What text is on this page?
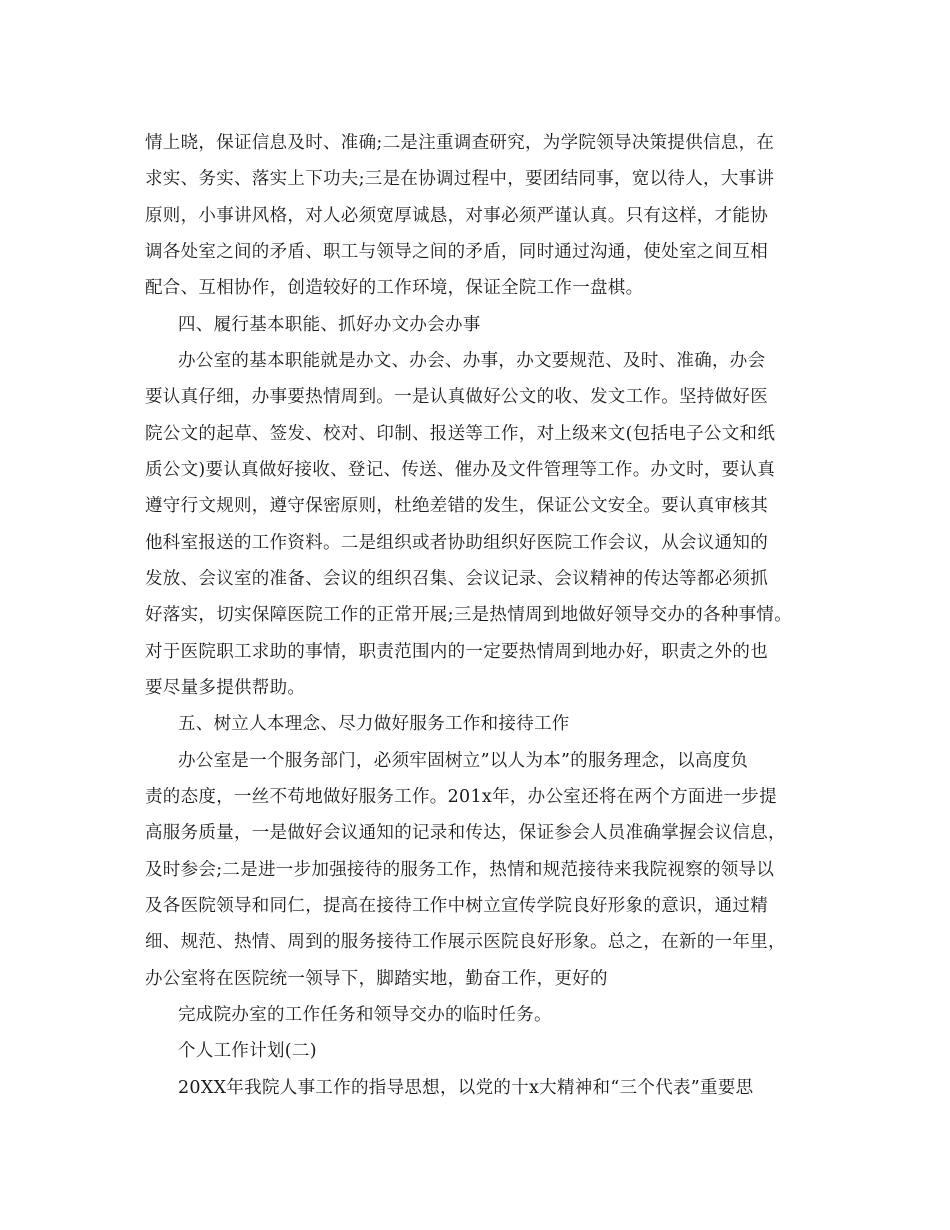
情上晓，保证信息及时、准确;二是注重调查研究，为学院领导决策提供信息，在
求实、务实、落实上下功夫;三是在协调过程中，要团结同事，宽以待人，大事讲
原则，小事讲风格，对人必须宽厚诚恳，对事必须严谨认真。只有这样，才能协
调各处室之间的矛盾、职工与领导之间的矛盾，同时通过沟通，使处室之间互相
配合、互相协作，创造较好的工作环境，保证全院工作一盘棋。
四、履行基本职能、抓好办文办会办事
办公室的基本职能就是办文、办会、办事，办文要规范、及时、准确，办会
要认真仔细，办事要热情周到。一是认真做好公文的收、发文工作。坚持做好医
院公文的起草、签发、校对、印制、报送等工作，对上级来文(包括电子公文和纸
质公文)要认真做好接收、登记、传送、催办及文件管理等工作。办文时，要认真
遵守行文规则，遵守保密原则，杜绝差错的发生，保证公文安全。要认真审核其
他科室报送的工作资料。二是组织或者协助组织好医院工作会议，从会议通知的
发放、会议室的准备、会议的组织召集、会议记录、会议精神的传达等都必须抓
好落实，切实保障医院工作的正常开展;三是热情周到地做好领导交办的各种事情。
对于医院职工求助的事情，职责范围内的一定要热情周到地办好，职责之外的也
要尽量多提供帮助。
五、树立人本理念、尽力做好服务工作和接待工作
办公室是一个服务部门，必须牢固树立”以人为本”的服务理念，以高度负
责的态度，一丝不苟地做好服务工作。201x年，办公室还将在两个方面进一步提
高服务质量，一是做好会议通知的记录和传达，保证参会人员准确掌握会议信息，
及时参会;二是进一步加强接待的服务工作，热情和规范接待来我院视察的领导以
及各医院领导和同仁，提高在接待工作中树立宣传学院良好形象的意识，通过精
细、规范、热情、周到的服务接待工作展示医院良好形象。总之，在新的一年里，
办公室将在医院统一领导下，脚踏实地，勤奋工作，更好的
完成院办室的工作任务和领导交办的临时任务。
个人工作计划(二)
20XX年我院人事工作的指导思想，以党的十x大精神和“三个代表”重要思
